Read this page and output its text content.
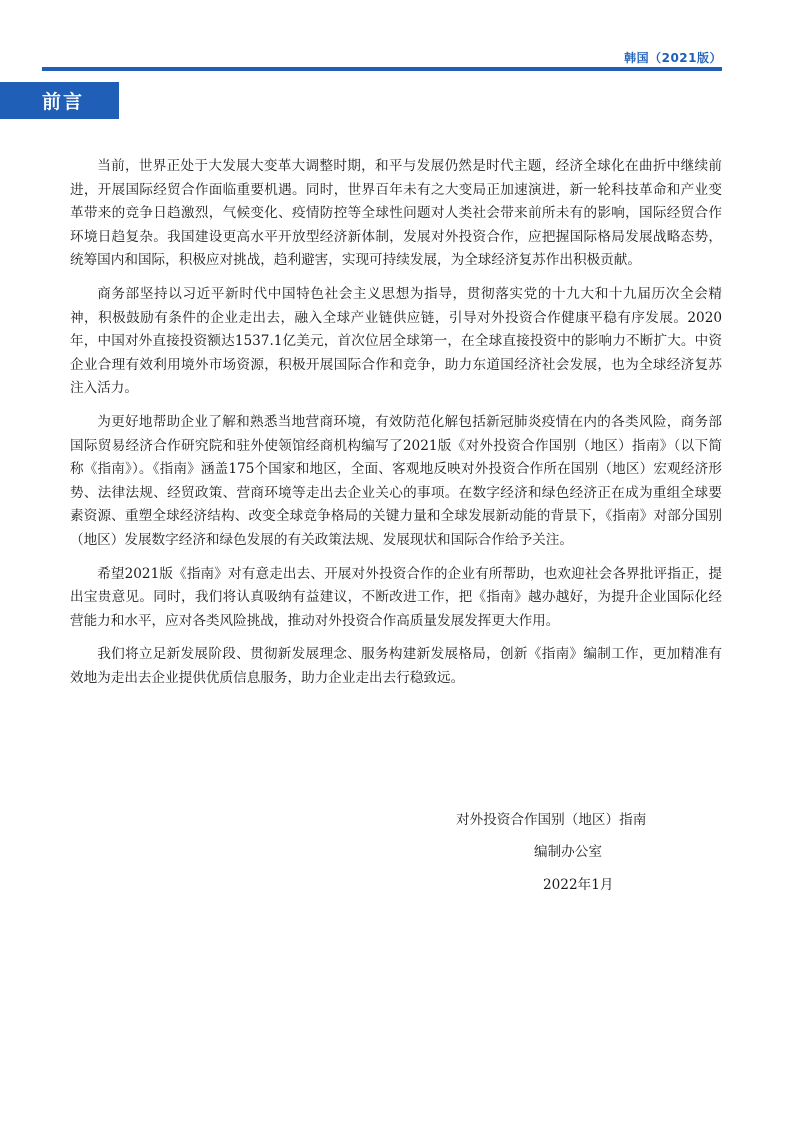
韩国（2021版）
前言

当前，世界正处于大发展大变革大调整时期，和平与发展仍然是时代主题，经济全球化在曲折中继续前进，开展国际经贸合作面临重要机遇。同时，世界百年未有之大变局正加速演进，新一轮科技革命和产业变革带来的竞争日趋激烈，气候变化、疫情防控等全球性问题对人类社会带来前所未有的影响，国际经贸合作环境日趋复杂。我国建设更高水平开放型经济新体制，发展对外投资合作，应把握国际格局发展战略态势，统筹国内和国际，积极应对挑战，趋利避害，实现可持续发展，为全球经济复苏作出积极贡献。

商务部坚持以习近平新时代中国特色社会主义思想为指导，贯彻落实党的十九大和十九届历次全会精神，积极鼓励有条件的企业走出去，融入全球产业链供应链，引导对外投资合作健康平稳有序发展。2020年，中国对外直接投资额达1537.1亿美元，首次位居全球第一，在全球直接投资中的影响力不断扩大。中资企业合理有效利用境外市场资源，积极开展国际合作和竞争，助力东道国经济社会发展，也为全球经济复苏注入活力。

为更好地帮助企业了解和熟悉当地营商环境，有效防范化解包括新冠肺炎疫情在内的各类风险，商务部国际贸易经济合作研究院和驻外使领馆经商机构编写了2021版《对外投资合作国别（地区）指南》（以下简称《指南》）。《指南》涵盖175个国家和地区，全面、客观地反映对外投资合作所在国别（地区）宏观经济形势、法律法规、经贸政策、营商环境等走出去企业关心的事项。在数字经济和绿色经济正在成为重组全球要素资源、重塑全球经济结构、改变全球竞争格局的关键力量和全球发展新动能的背景下，《指南》对部分国别（地区）发展数字经济和绿色发展的有关政策法规、发展现状和国际合作给予关注。

希望2021版《指南》对有意走出去、开展对外投资合作的企业有所帮助，也欢迎社会各界批评指正，提出宝贵意见。同时，我们将认真吸纳有益建议，不断改进工作，把《指南》越办越好，为提升企业国际化经营能力和水平，应对各类风险挑战，推动对外投资合作高质量发展发挥更大作用。

我们将立足新发展阶段、贯彻新发展理念、服务构建新发展格局，创新《指南》编制工作，更加精准有效地为走出去企业提供优质信息服务，助力企业走出去行稳致远。

对外投资合作国别（地区）指南
编制办公室
2022年1月
